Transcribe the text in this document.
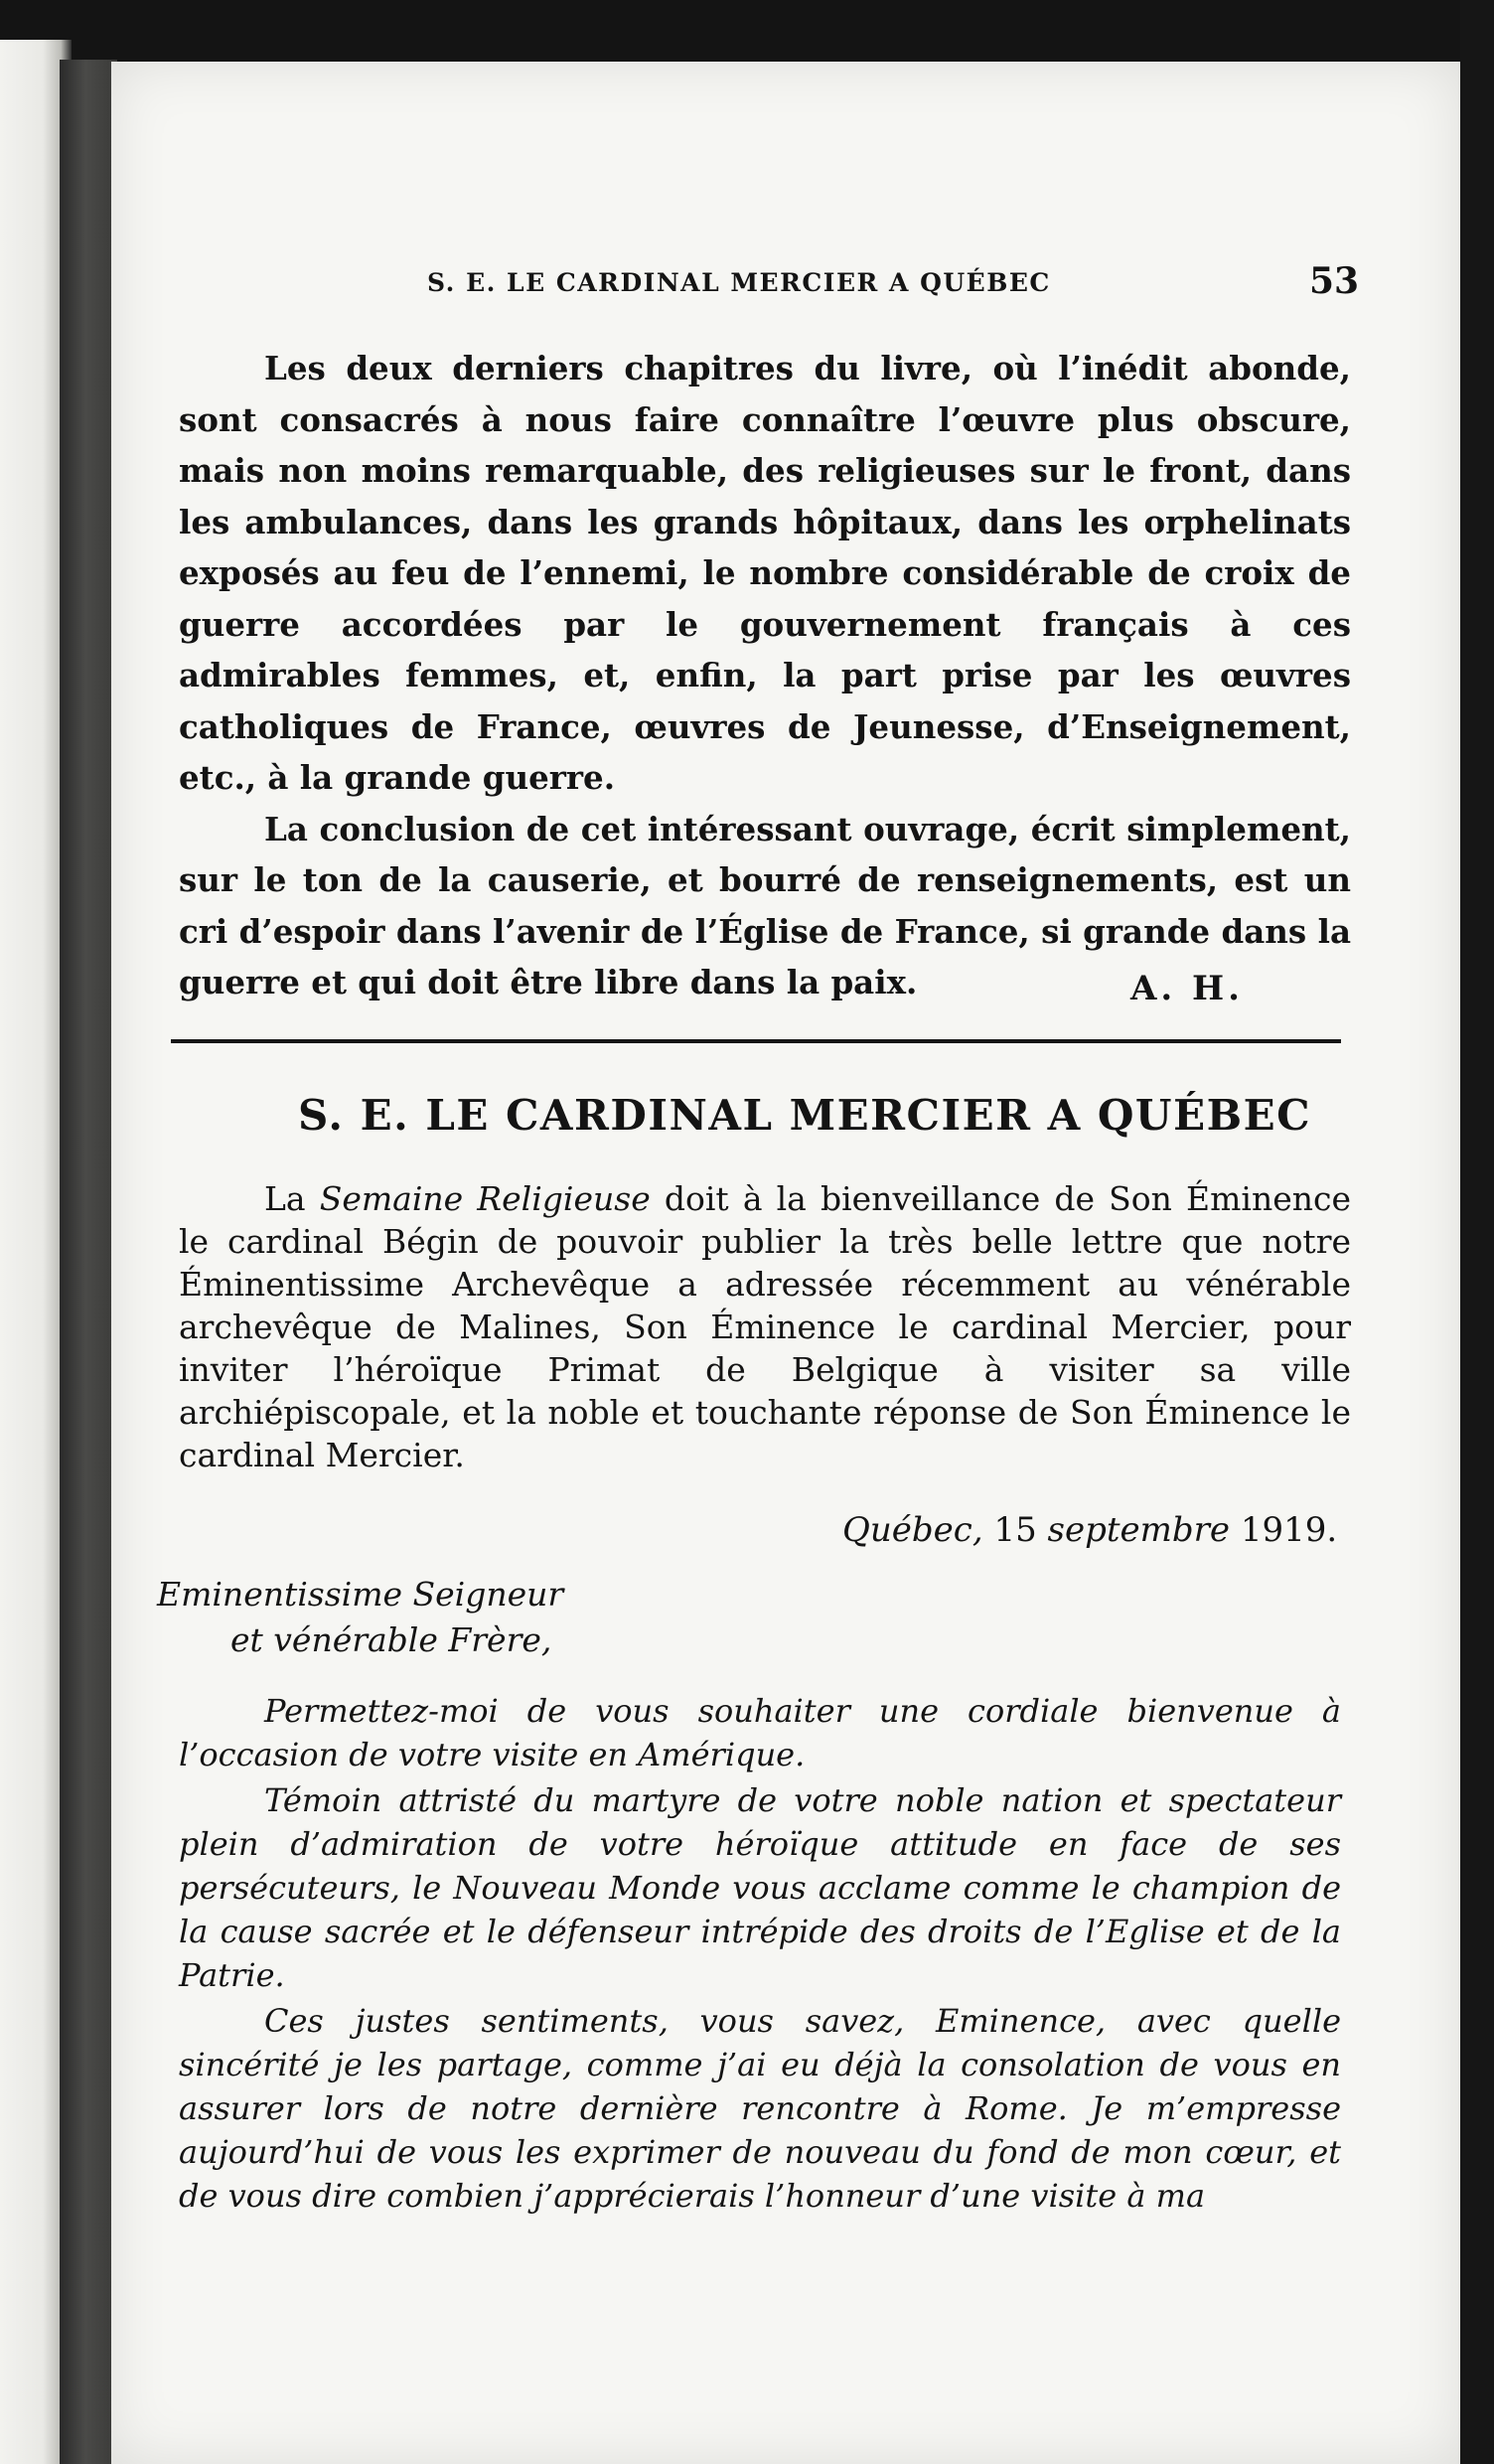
S. E. LE CARDINAL MERCIER A QUÉBEC	53

Les deux derniers chapitres du livre, où l’inédit abonde, sont consacrés à nous faire connaître l’œuvre plus obscure, mais non moins remarquable, des religieuses sur le front, dans les ambulances, dans les grands hôpitaux, dans les orphelinats exposés au feu de l’ennemi, le nombre considérable de croix de guerre accordées par le gouvernement français à ces admirables femmes, et, enfin, la part prise par les œuvres catholiques de France, œuvres de Jeunesse, d’Enseignement, etc., à la grande guerre.

La conclusion de cet intéressant ouvrage, écrit simplement, sur le ton de la causerie, et bourré de renseignements, est un cri d’espoir dans l’avenir de l’Église de France, si grande dans la guerre et qui doit être libre dans la paix.	A. H.
S. E. LE CARDINAL MERCIER A QUÉBEC

La Semaine Religieuse doit à la bienveillance de Son Éminence le cardinal Bégin de pouvoir publier la très belle lettre que notre Éminentissime Archevêque a adressée récemment au vénérable archevêque de Malines, Son Éminence le cardinal Mercier, pour inviter l’héroïque Primat de Belgique à visiter sa ville archiépiscopale, et la noble et touchante réponse de Son Éminence le cardinal Mercier.

Québec, 15 septembre 1919.
Eminentissime Seigneur
et vénérable Frère,

Permettez-moi de vous souhaiter une cordiale bienvenue à l’occasion de votre visite en Amérique.

Témoin attristé du martyre de votre noble nation et spectateur plein d’admiration de votre héroïque attitude en face de ses persécuteurs, le Nouveau Monde vous acclame comme le champion de la cause sacrée et le défenseur intrépide des droits de l’Eglise et de la Patrie.

Ces justes sentiments, vous savez, Eminence, avec quelle sincérité je les partage, comme j’ai eu déjà la consolation de vous en assurer lors de notre dernière rencontre à Rome. Je m’empresse aujourd’hui de vous les exprimer de nouveau du fond de mon cœur, et de vous dire combien j’apprécierais l’honneur d’une visite à ma
